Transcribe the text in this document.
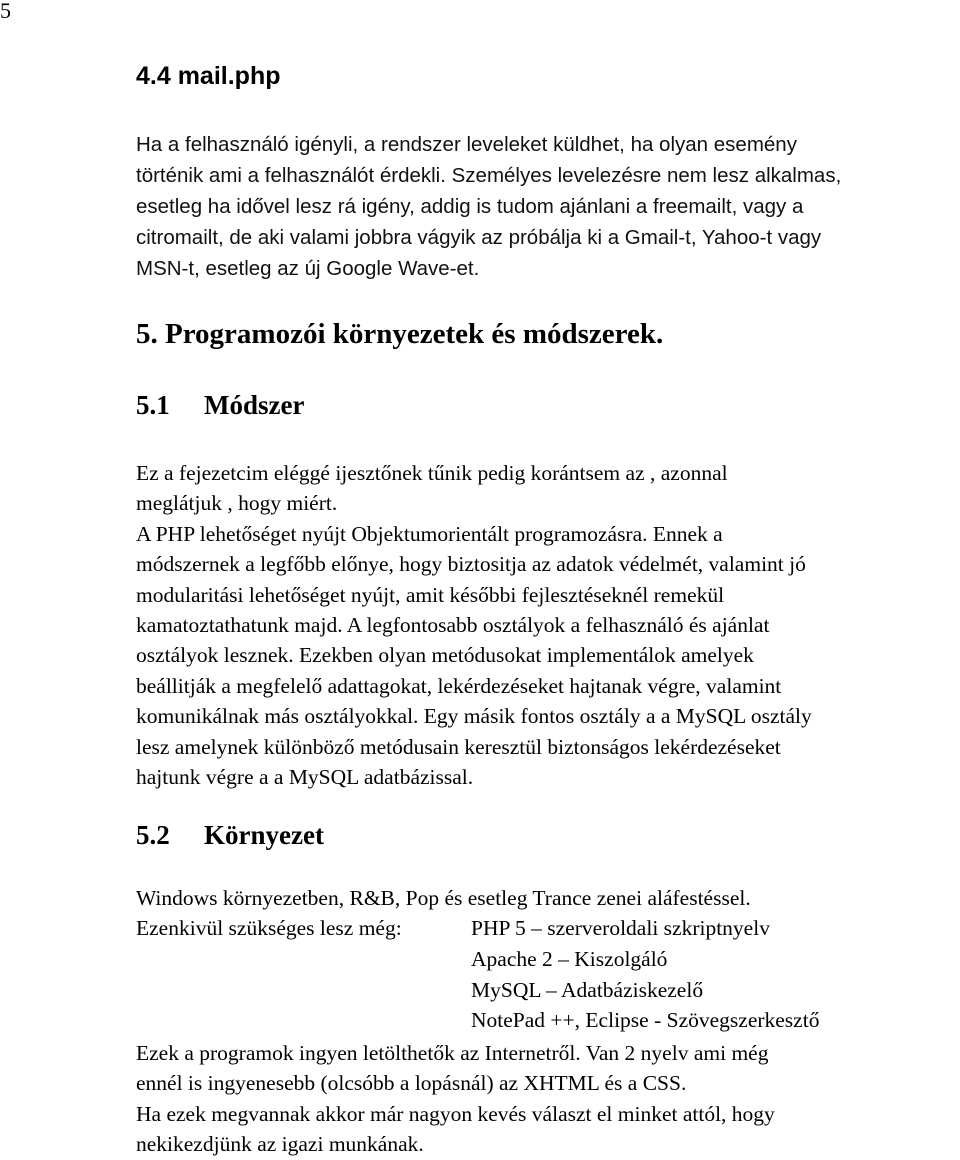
5
4.4 mail.php
Ha a felhasználó igényli, a rendszer leveleket küldhet, ha olyan esemény
történik ami a felhasználót érdekli. Személyes levelezésre nem lesz alkalmas,
esetleg ha idővel lesz rá igény, addig is tudom ajánlani a freemailt, vagy a
citromailt, de aki valami jobbra vágyik az próbálja ki a Gmail-t, Yahoo-t vagy
MSN-t, esetleg az új Google Wave-et.
5. Programozói környezetek és módszerek.
5.1 Módszer
Ez a fejezetcim eléggé ijesztőnek tűnik pedig korántsem az , azonnal
meglátjuk , hogy miért.
A PHP lehetőséget nyújt Objektumorientált programozásra. Ennek a
módszernek a legfőbb előnye, hogy biztositja az adatok védelmét, valamint jó
modularitási lehetőséget nyújt, amit későbbi fejlesztéseknél remekül
kamatoztathatunk majd. A legfontosabb osztályok a felhasználó és ajánlat
osztályok lesznek. Ezekben olyan metódusokat implementálok amelyek
beállitják a megfelelő adattagokat, lekérdezéseket hajtanak végre, valamint
komunikálnak más osztályokkal. Egy másik fontos osztály a a MySQL osztály
lesz amelynek különböző metódusain keresztül biztonságos lekérdezéseket
hajtunk végre a a MySQL adatbázissal.
5.2 Környezet
Windows környezetben, R&B, Pop és esetleg Trance zenei aláfestéssel.
Ezenkivül szükséges lesz még:	PHP 5 – szerveroldali szkriptnyelv
Apache 2 – Kiszolgáló
MySQL – Adatbáziskezelő
NotePad ++, Eclipse - Szövegszerkesztő
Ezek a programok ingyen letölthetők az Internetről. Van 2 nyelv ami még
ennél is ingyenesebb (olcsóbb a lopásnál) az XHTML és a CSS.
Ha ezek megvannak akkor már nagyon kevés választ el minket attól, hogy
nekikezdjünk az igazi munkának.
